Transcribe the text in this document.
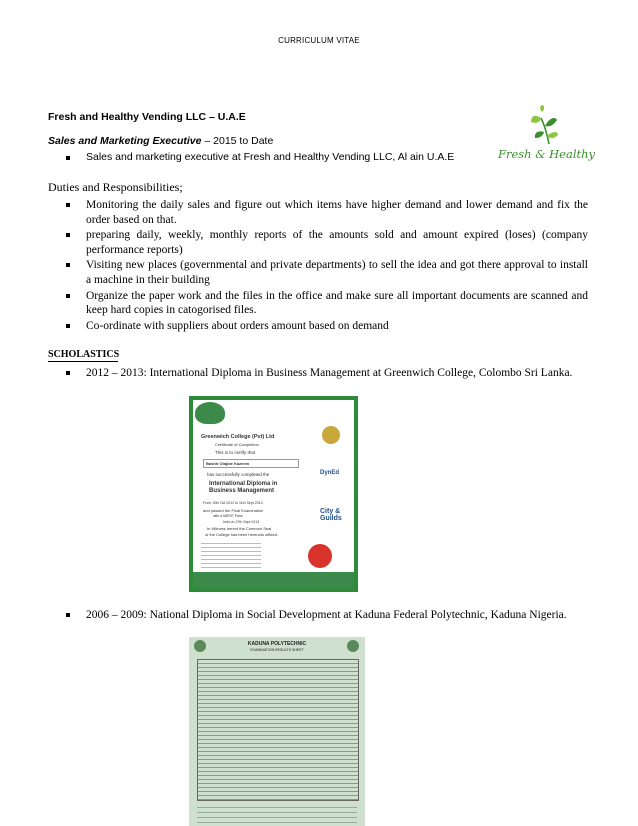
CURRICULUM VITAE
Fresh and Healthy Vending LLC – U.A.E
Sales and Marketing Executive – 2015 to Date
Sales and marketing executive at Fresh and Healthy Vending LLC, Al ain U.A.E	Fresh & Healthy
Duties and Responsibilities;
Monitoring the daily sales and figure out which items have higher demand and lower demand and fix the order based on that.
preparing daily, weekly, monthly reports of the amounts sold and amount expired (loses) (company performance reports)
Visiting new places (governmental and private departments) to sell the idea and got there approval to install a machine in their building
Organize the paper work and the files in the office and make sure all important documents are scanned and keep hard copies in catogorised files.
Co-ordinate with suppliers about orders amount based on demand
SCHOLASTICS
2012 – 2013: International Diploma in Business Management at Greenwich College, Colombo Sri Lanka.
Greenwich College (Pvt) Ltd
Certificate of Completion
This is to certify that
Bashir Olajide Kazeem
has successfully completed the
International Diploma in
Business Management
From 10th Oct 2012 to 11th Sept 2013
and passed the Final Examination
with a MERIT Pass
held on 27th Sept 2013
In Witness hereof the Common Seal
of the College has been hereunto affixed.
DynEd
City & Guilds
2006 – 2009: National Diploma in Social Development at Kaduna Federal Polytechnic, Kaduna Nigeria.
KADUNA POLYTECHNIC
EXAMINATION RESULTS SHEET
